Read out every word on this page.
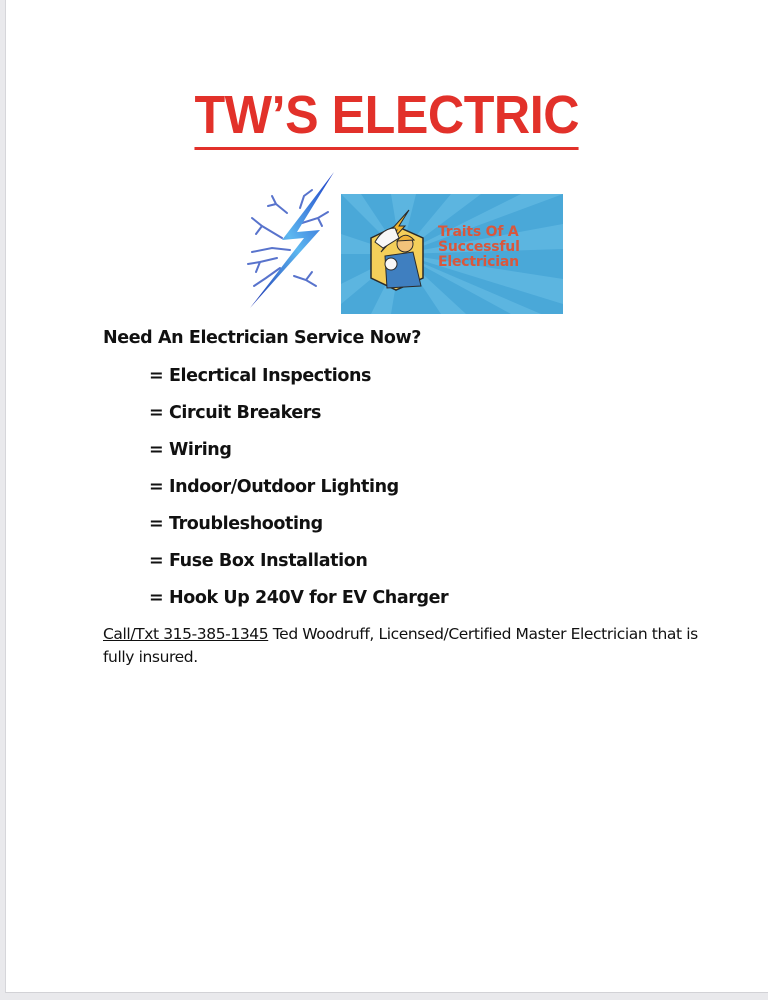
TW’S ELECTRIC
Traits Of A
Successful
Electrician
Need An Electrician Service Now?
= Elecrtical Inspections
= Circuit Breakers
= Wiring
= Indoor/Outdoor Lighting
= Troubleshooting
= Fuse Box Installation
= Hook Up 240V for EV Charger
Call/Txt 315-385-1345 Ted Woodruff, Licensed/Certified Master Electrician that is fully insured.
